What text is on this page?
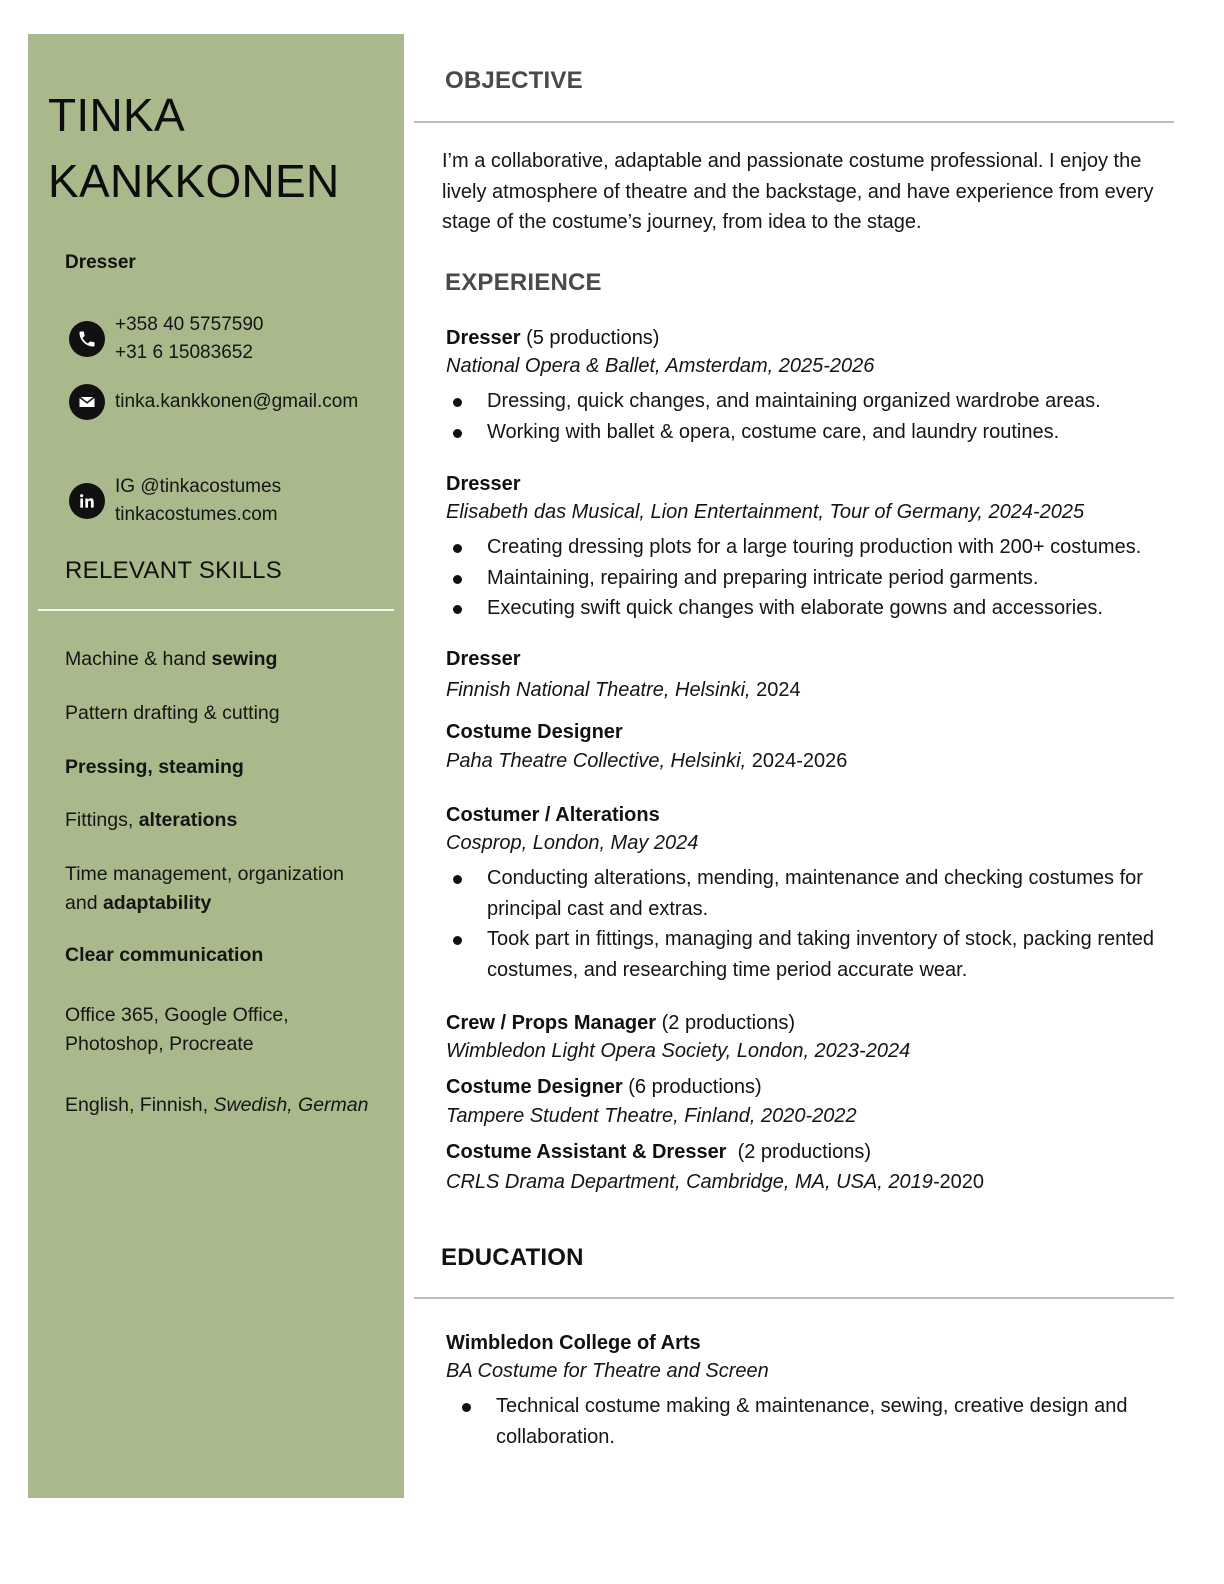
TINKA
KANKKONEN
Dresser
+358 40 5757590
+31 6 15083652
tinka.kankkonen@gmail.com
IG @tinkacostumes
tinkacostumes.com
RELEVANT SKILLS
Machine & hand sewing
Pattern drafting & cutting
Pressing, steaming
Fittings, alterations
Time management, organization
and adaptability
Clear communication
Office 365, Google Office,
Photoshop, Procreate
English, Finnish, Swedish, German
OBJECTIVE
I’m a collaborative, adaptable and passionate costume professional. I enjoy the lively atmosphere of theatre and the backstage, and have experience from every stage of the costume’s journey, from idea to the stage.
EXPERIENCE
Dresser (5 productions)
National Opera & Ballet, Amsterdam, 2025-2026
Dressing, quick changes, and maintaining organized wardrobe areas.
Working with ballet & opera, costume care, and laundry routines.
Dresser
Elisabeth das Musical, Lion Entertainment, Tour of Germany, 2024-2025
Creating dressing plots for a large touring production with 200+ costumes.
Maintaining, repairing and preparing intricate period garments.
Executing swift quick changes with elaborate gowns and accessories.
Dresser
Finnish National Theatre, Helsinki, 2024
Costume Designer
Paha Theatre Collective, Helsinki, 2024-2026
Costumer / Alterations
Cosprop, London, May 2024
Conducting alterations, mending, maintenance and checking costumes for principal cast and extras.
Took part in fittings, managing and taking inventory of stock, packing rented costumes, and researching time period accurate wear.
Crew / Props Manager (2 productions)
Wimbledon Light Opera Society, London, 2023-2024
Costume Designer (6 productions)
Tampere Student Theatre, Finland, 2020-2022
Costume Assistant & Dresser  (2 productions)
CRLS Drama Department, Cambridge, MA, USA, 2019-2020
EDUCATION
Wimbledon College of Arts
BA Costume for Theatre and Screen
Technical costume making & maintenance, sewing, creative design and collaboration.
